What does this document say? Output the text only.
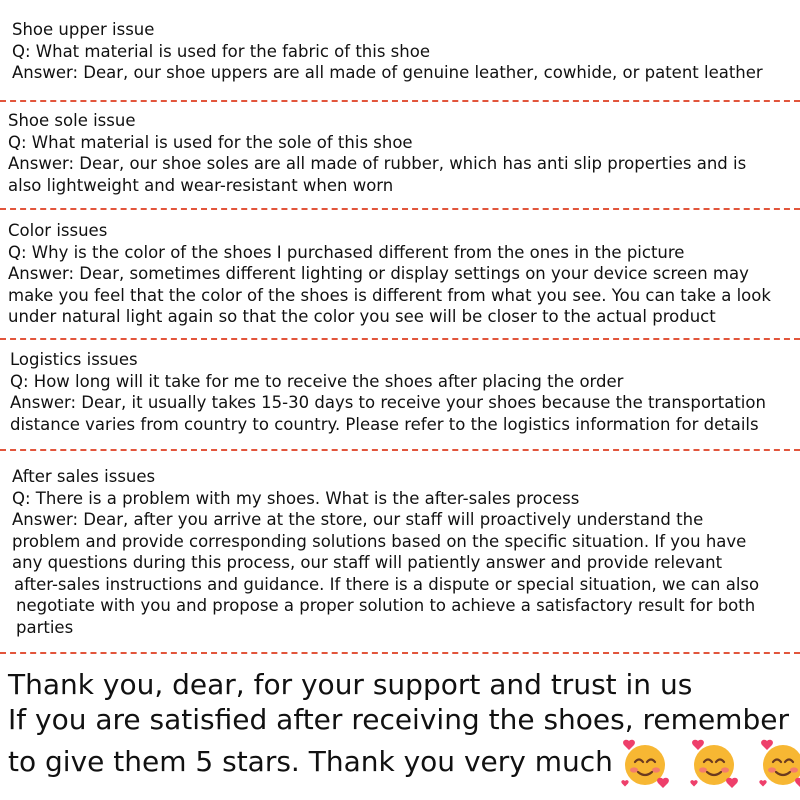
Shoe upper issue
Q: What material is used for the fabric of this shoe
Answer: Dear, our shoe uppers are all made of genuine leather, cowhide, or patent leather
Shoe sole issue
Q: What material is used for the sole of this shoe
Answer: Dear, our shoe soles are all made of rubber, which has anti slip properties and is
also lightweight and wear-resistant when worn
Color issues
Q: Why is the color of the shoes I purchased different from the ones in the picture
Answer: Dear, sometimes different lighting or display settings on your device screen may
make you feel that the color of the shoes is different from what you see. You can take a look
under natural light again so that the color you see will be closer to the actual product
Logistics issues
Q: How long will it take for me to receive the shoes after placing the order
Answer: Dear, it usually takes 15-30 days to receive your shoes because the transportation
distance varies from country to country. Please refer to the logistics information for details
After sales issues
Q: There is a problem with my shoes. What is the after-sales process
Answer: Dear, after you arrive at the store, our staff will proactively understand the
problem and provide corresponding solutions based on the specific situation. If you have
any questions during this process, our staff will patiently answer and provide relevant
after-sales instructions and guidance. If there is a dispute or special situation, we can also
negotiate with you and propose a proper solution to achieve a satisfactory result for both
parties
Thank you, dear, for your support and trust in us
If you are satisfied after receiving the shoes, remember
to give them 5 stars. Thank you very much
